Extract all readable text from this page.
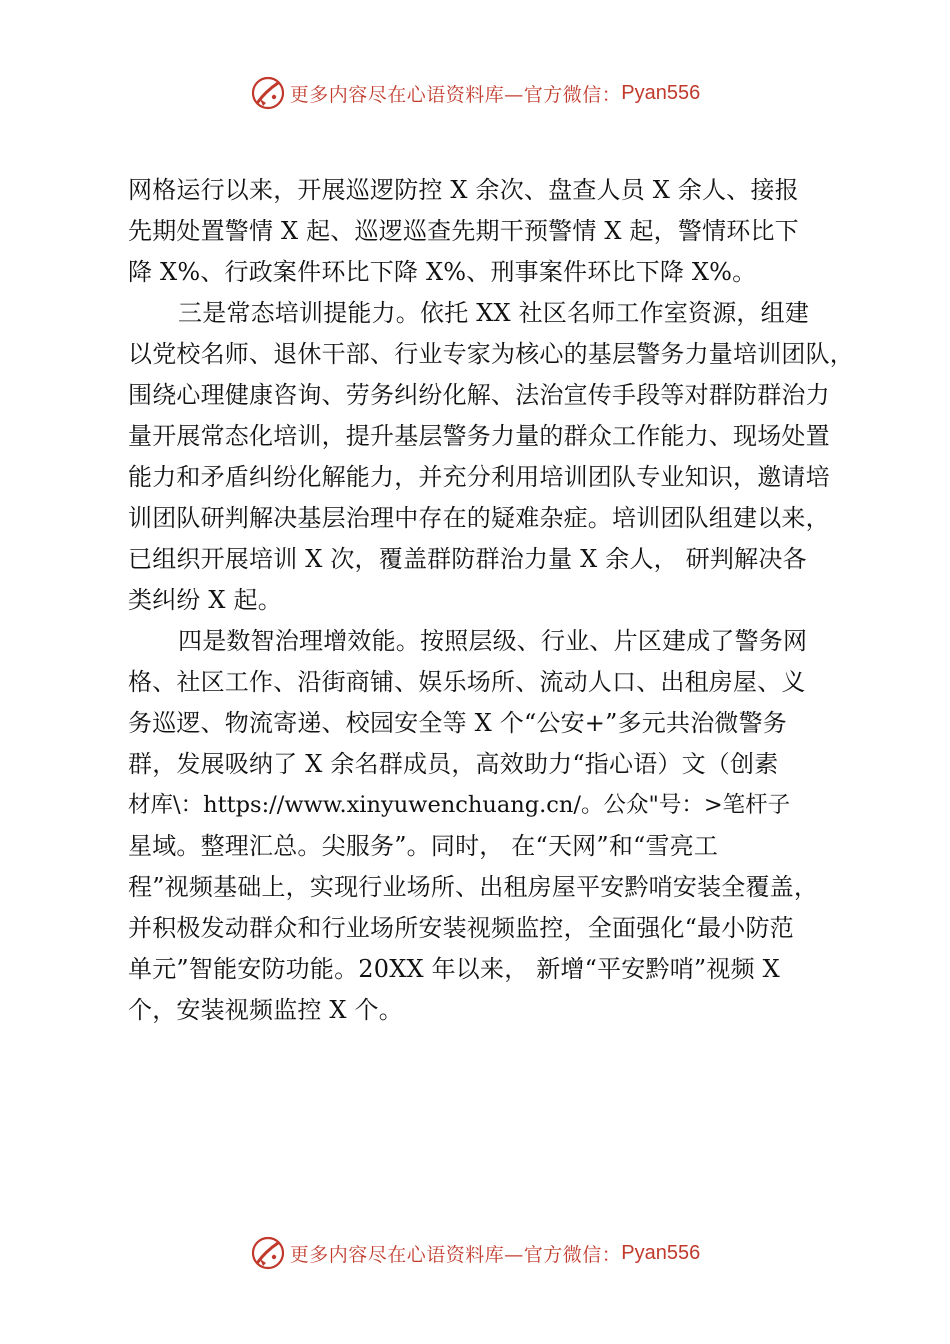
更多内容尽在心语资料库—官方微信： Pyan556
网格运行以来，开展巡逻防控 X 余次、盘查人员 X 余人、接报
先期处置警情 X 起、巡逻巡查先期干预警情 X 起，警情环比下
降 X%、行政案件环比下降 X%、刑事案件环比下降 X%。
三是常态培训提能力。依托 XX 社区名师工作室资源，组建
以党校名师、退休干部、行业专家为核心的基层警务力量培训团队，
围绕心理健康咨询、劳务纠纷化解、法治宣传手段等对群防群治力
量开展常态化培训，提升基层警务力量的群众工作能力、现场处置
能力和矛盾纠纷化解能力，并充分利用培训团队专业知识，邀请培
训团队研判解决基层治理中存在的疑难杂症。培训团队组建以来，
已组织开展培训 X 次，覆盖群防群治力量 X 余人， 研判解决各
类纠纷 X 起。
四是数智治理增效能。按照层级、行业、片区建成了警务网
格、社区工作、沿街商铺、娱乐场所、流动人口、出租房屋、义
务巡逻、物流寄递、校园安全等 X 个“公安+”多元共治微警务
群，发展吸纳了 X 余名群成员，高效助力“指心语）文（创素
材库\：https://www.xinyuwenchuang.cn/。公众"号：>笔杆子
星域。整理汇总。尖服务”。同时， 在“天网”和“雪亮工
程”视频基础上，实现行业场所、出租房屋平安黔哨安装全覆盖，
并积极发动群众和行业场所安装视频监控，全面强化“最小防范
单元”智能安防功能。20XX 年以来， 新增“平安黔哨”视频 X
个，安装视频监控 X 个。
更多内容尽在心语资料库—官方微信： Pyan556
